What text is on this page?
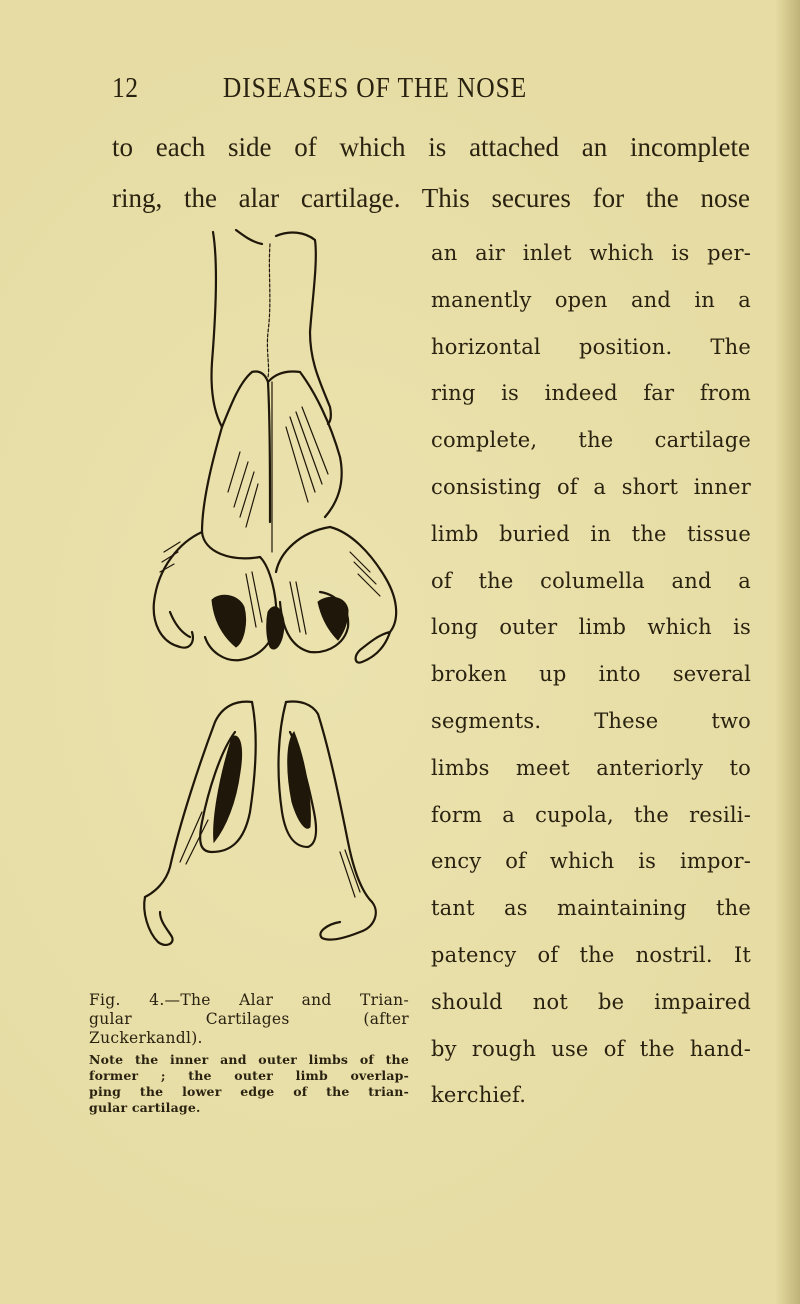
12	DISEASES OF THE NOSE
to each side of which is attached an incomplete
ring, the alar cartilage. This secures for the nose
Fig. 4.—The Alar and Trian-
gular Cartilages (after
Zuckerkandl).
Note the inner and outer limbs of the
former ; the outer limb overlap-
ping the lower edge of the trian-
gular cartilage.
an air inlet which is per-
manently open and in a
horizontal position. The
ring is indeed far from
complete, the cartilage
consisting of a short inner
limb buried in the tissue
of the columella and a
long outer limb which is
broken up into several
segments. These two
limbs meet anteriorly to
form a cupola, the resili-
ency of which is impor-
tant as maintaining the
patency of the nostril. It
should not be impaired
by rough use of the hand-
kerchief.
